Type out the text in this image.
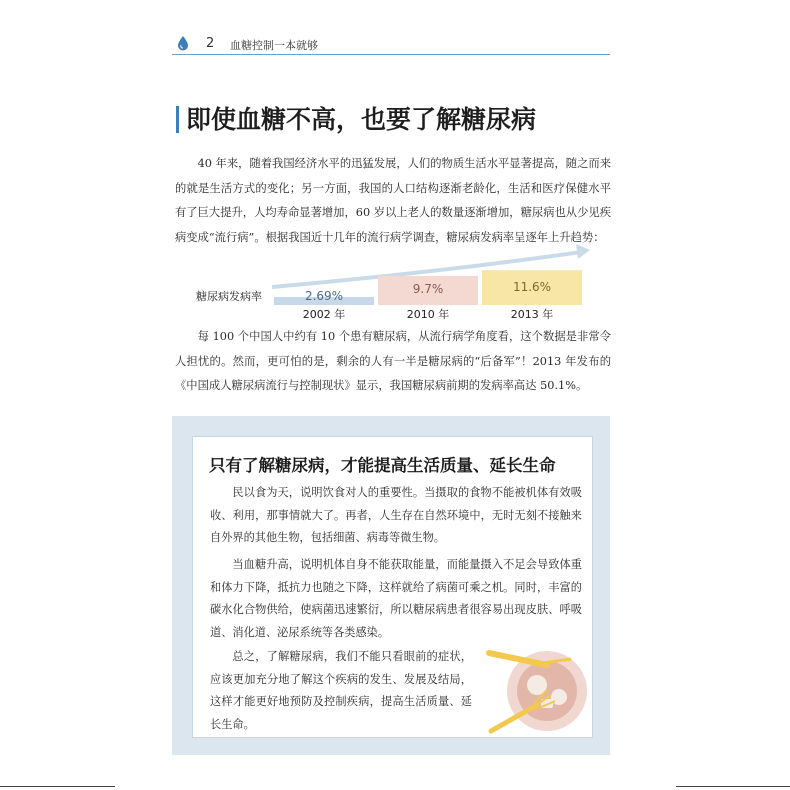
2 血糖控制一本就够
即使血糖不高，也要了解糖尿病

40 年来，随着我国经济水平的迅猛发展，人们的物质生活水平显著提高，随之而来的就是生活方式的变化；另一方面，我国的人口结构逐渐老龄化，生活和医疗保健水平有了巨大提升，人均寿命显著增加，60 岁以上老人的数量逐渐增加，糖尿病也从少见疾病变成“流行病”。根据我国近十几年的流行病学调查，糖尿病发病率呈逐年上升趋势：

糖尿病发病率	2.69%	9.7%	11.6%
2002 年	2010 年	2013 年

每 100 个中国人中约有 10 个患有糖尿病，从流行病学角度看，这个数据是非常令人担忧的。然而，更可怕的是，剩余的人有一半是糖尿病的“后备军”！2013 年发布的《中国成人糖尿病流行与控制现状》显示，我国糖尿病前期的发病率高达 50.1%。

只有了解糖尿病，才能提高生活质量、延长生命

民以食为天，说明饮食对人的重要性。当摄取的食物不能被机体有效吸收、利用，那事情就大了。再者，人生存在自然环境中，无时无刻不接触来自外界的其他生物，包括细菌、病毒等微生物。

当血糖升高，说明机体自身不能获取能量，而能量摄入不足会导致体重和体力下降，抵抗力也随之下降，这样就给了病菌可乘之机。同时，丰富的碳水化合物供给，使病菌迅速繁衍，所以糖尿病患者很容易出现皮肤、呼吸道、消化道、泌尿系统等各类感染。

总之，了解糖尿病，我们不能只看眼前的症状，应该更加充分地了解这个疾病的发生、发展及结局，这样才能更好地预防及控制疾病，提高生活质量、延长生命。
